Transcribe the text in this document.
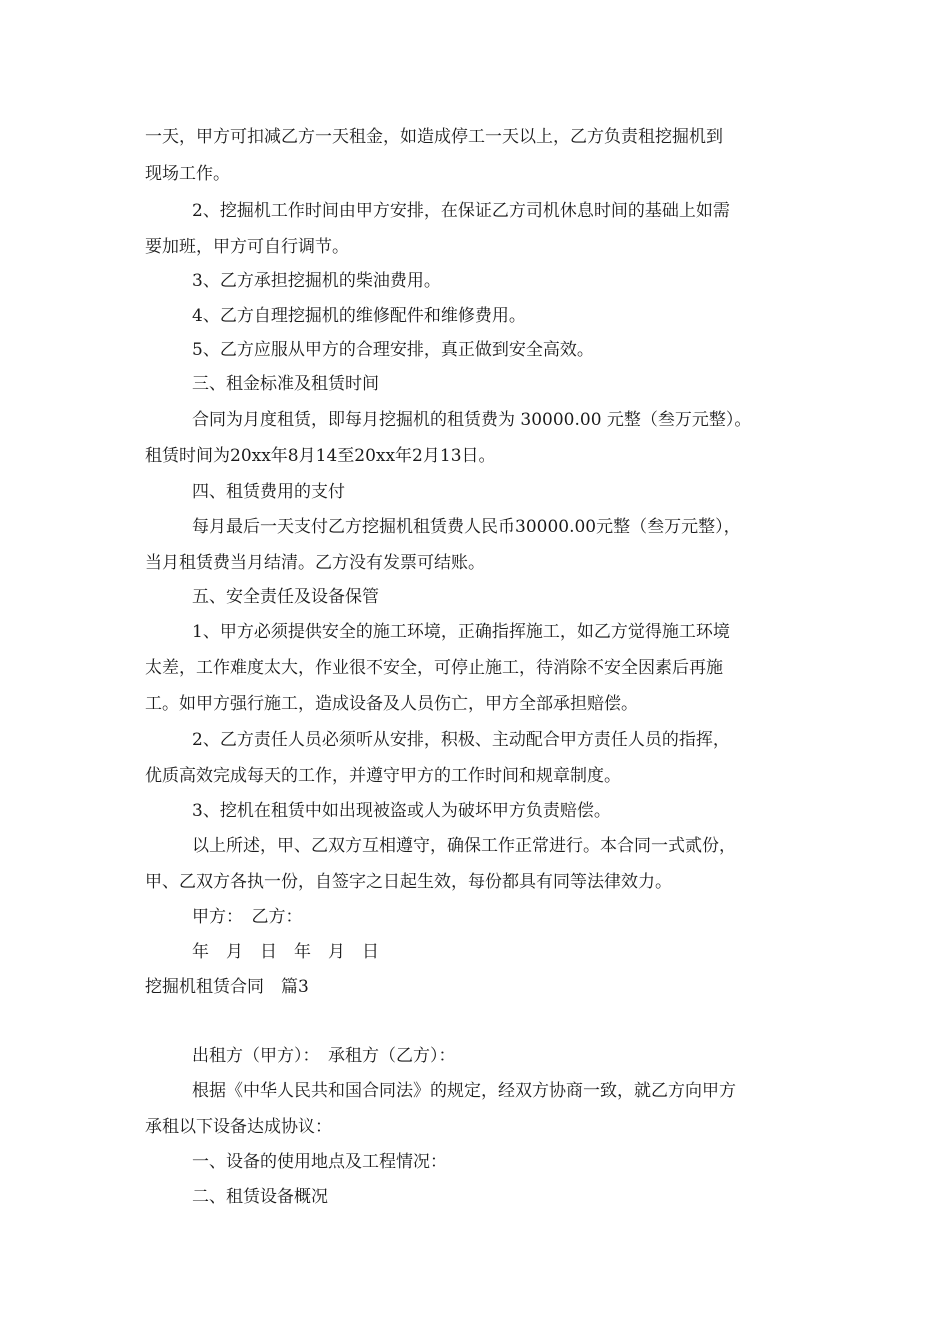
一天，甲方可扣减乙方一天租金，如造成停工一天以上，乙方负责租挖掘机到
现场工作。
2、挖掘机工作时间由甲方安排，在保证乙方司机休息时间的基础上如需
要加班，甲方可自行调节。
3、乙方承担挖掘机的柴油费用。
4、乙方自理挖掘机的维修配件和维修费用。
5、乙方应服从甲方的合理安排，真正做到安全高效。
三、租金标准及租赁时间
合同为月度租赁，即每月挖掘机的租赁费为 30000.00 元整（叁万元整）。
租赁时间为20xx年8月14至20xx年2月13日。
四、租赁费用的支付
每月最后一天支付乙方挖掘机租赁费人民币30000.00元整（叁万元整），
当月租赁费当月结清。乙方没有发票可结账。
五、安全责任及设备保管
1、甲方必须提供安全的施工环境，正确指挥施工，如乙方觉得施工环境
太差，工作难度太大，作业很不安全，可停止施工，待消除不安全因素后再施
工。如甲方强行施工，造成设备及人员伤亡，甲方全部承担赔偿。
2、乙方责任人员必须听从安排，积极、主动配合甲方责任人员的指挥，
优质高效完成每天的工作，并遵守甲方的工作时间和规章制度。
3、挖机在租赁中如出现被盗或人为破坏甲方负责赔偿。
以上所述，甲、乙双方互相遵守，确保工作正常进行。本合同一式贰份，
甲、乙双方各执一份，自签字之日起生效，每份都具有同等法律效力。
甲方：　乙方：
年　月　日　年　月　日
挖掘机租赁合同　篇3
出租方（甲方）：　承租方（乙方）：
根据《中华人民共和国合同法》的规定，经双方协商一致，就乙方向甲方
承租以下设备达成协议：
一、设备的使用地点及工程情况：
二、租赁设备概况
